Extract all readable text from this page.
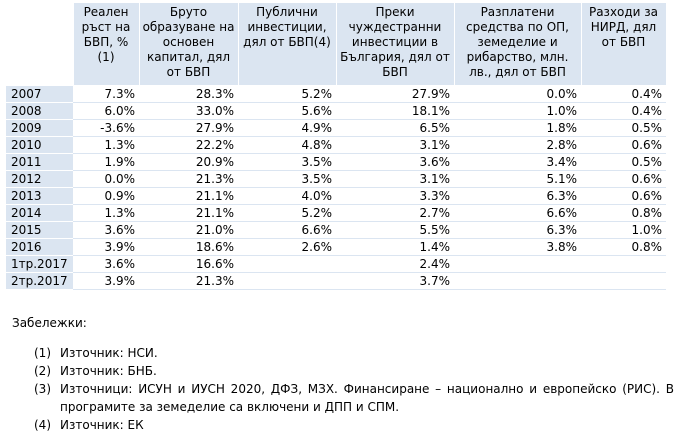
	Реален ръст на БВП, %(1)	Бруто образуване на основен капитал, дял от БВП	Публични инвестиции, дял от БВП(4)	Преки чуждестранни инвестиции в България, дял от БВП	Разплатени средства по ОП, земеделие и рибарство, млн. лв., дял от БВП	Разходи за НИРД, дял от БВП
2007	7.3%	28.3%	5.2%	27.9%	0.0%	0.4%
2008	6.0%	33.0%	5.6%	18.1%	1.0%	0.4%
2009	-3.6%	27.9%	4.9%	6.5%	1.8%	0.5%
2010	1.3%	22.2%	4.8%	3.1%	2.8%	0.6%
2011	1.9%	20.9%	3.5%	3.6%	3.4%	0.5%
2012	0.0%	21.3%	3.5%	3.1%	5.1%	0.6%
2013	0.9%	21.1%	4.0%	3.3%	6.3%	0.6%
2014	1.3%	21.1%	5.2%	2.7%	6.6%	0.8%
2015	3.6%	21.0%	6.6%	5.5%	6.3%	1.0%
2016	3.9%	18.6%	2.6%	1.4%	3.8%	0.8%
1тр.2017	3.6%	16.6%		2.4%		
2тр.2017	3.9%	21.3%		3.7%		
Забележки:
(1) Източник: НСИ.
(2) Източник: БНБ.
(3) Източници: ИСУН и ИУСН 2020, ДФЗ, МЗХ. Финансиране – национално и европейско (РИС). В програмите за земеделие са включени и ДПП и СПМ.
(4) Източник: ЕК
